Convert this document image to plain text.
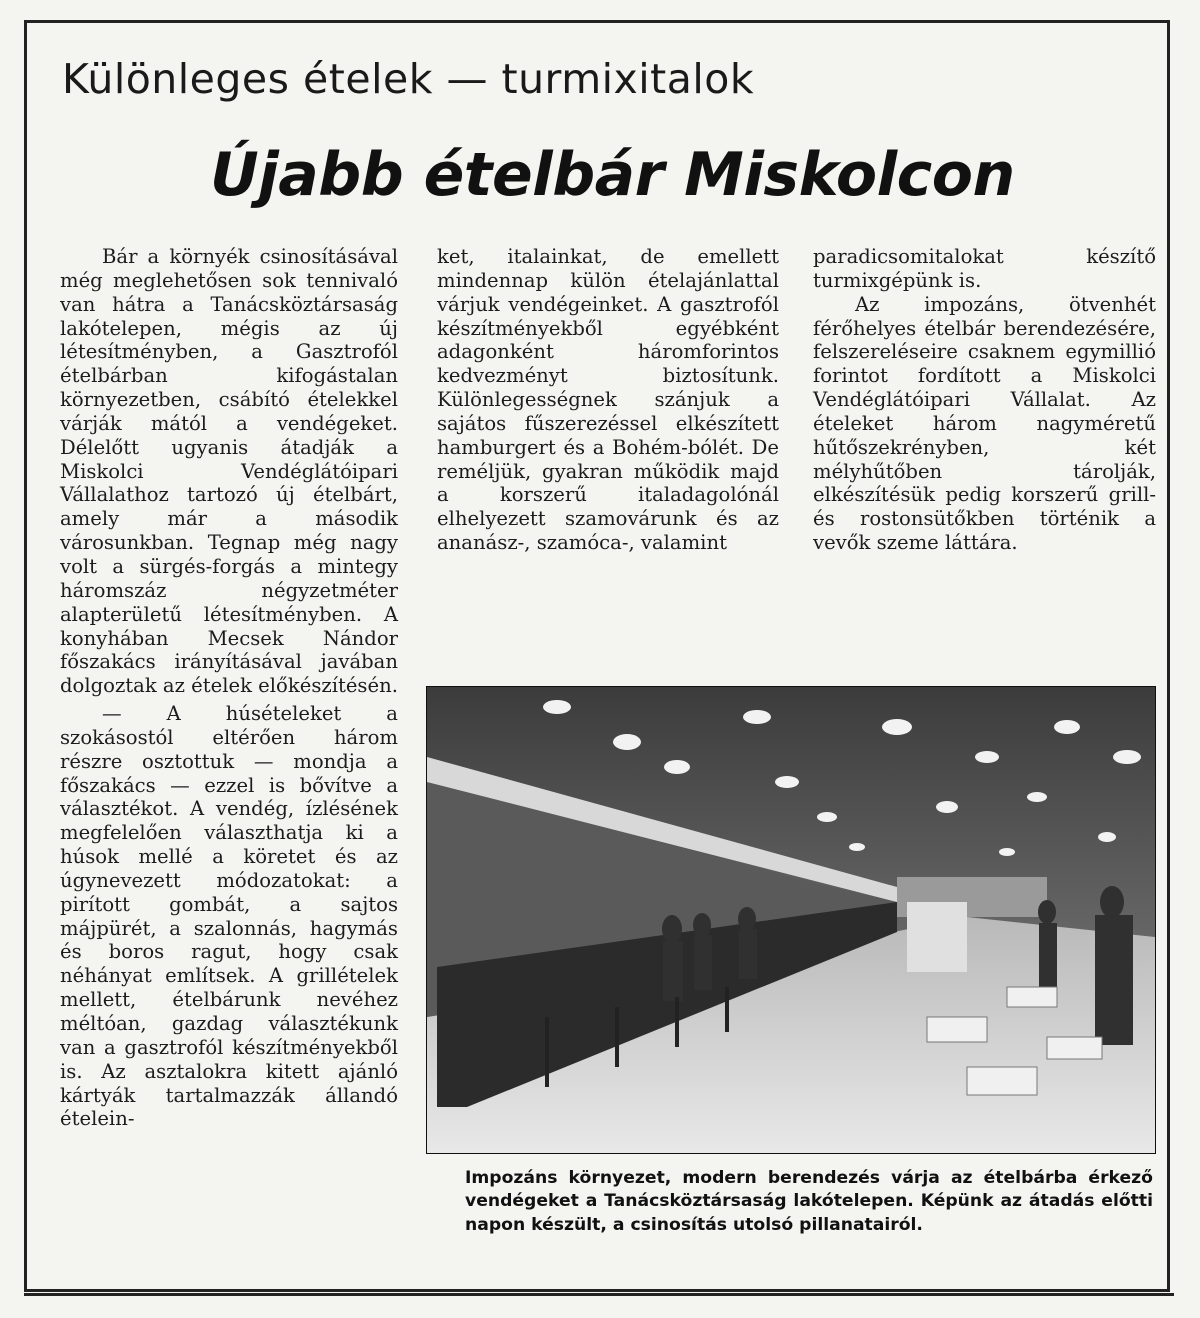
Különleges ételek — turmixitalok
Újabb ételbár Miskolcon

Bár a környék csinosításával még meglehetősen sok tennivaló van hátra a Tanácsköztársaság lakótelepen, mégis az új létesítményben, a Gasztrofól ételbárban kifogástalan környezetben, csábító ételekkel várják mától a vendégeket. Délelőtt ugyanis átadják a Miskolci Vendéglátóipari Vállalathoz tartozó új ételbárt, amely már a második városunkban. Tegnap még nagy volt a sürgés-forgás a mintegy háromszáz négyzetméter alapterületű létesítményben. A konyhában Mecsek Nándor főszakács irányításával javában dolgoztak az ételek előkészítésén.

— A húsételeket a szokásostól eltérően három részre osztottuk — mondja a főszakács — ezzel is bővítve a választékot. A vendég, ízlésének megfelelően választhatja ki a húsok mellé a köretet és az úgynevezett módozatokat: a pirított gombát, a sajtos májpürét, a szalonnás, hagymás és boros ragut, hogy csak néhányat említsek. A grillételek mellett, ételbárunk nevéhez méltóan, gazdag választékunk van a gasztrofól készítményekből is. Az asztalokra kitett ajánló kártyák tartalmazzák állandó ételein-

ket, italainkat, de emellett mindennap külön ételajánlattal várjuk vendégeinket. A gasztrofól készítményekből egyébként adagonként háromforintos kedvezményt biztosítunk. Különlegességnek szánjuk a sajátos fűszerezéssel elkészített hamburgert és a Bohém-bólét. De reméljük, gyakran működik majd a korszerű italadagolónál elhelyezett szamovárunk és az ananász-, szamóca-, valamint

paradicsomitalokat készítő turmixgépünk is.

Az impozáns, ötvenhét férőhelyes ételbár berendezésére, felszereléseire csaknem egymillió forintot fordított a Miskolci Vendéglátóipari Vállalat. Az ételeket három nagyméretű hűtőszekrényben, két mélyhűtőben tárolják, elkészítésük pedig korszerű grill- és rostonsütőkben történik a vevők szeme láttára.

Impozáns környezet, modern berendezés várja az ételbárba érkező vendégeket a Tanácsköztársaság lakótelepen. Képünk az átadás előtti napon készült, a csinosítás utolsó pillanatairól.
